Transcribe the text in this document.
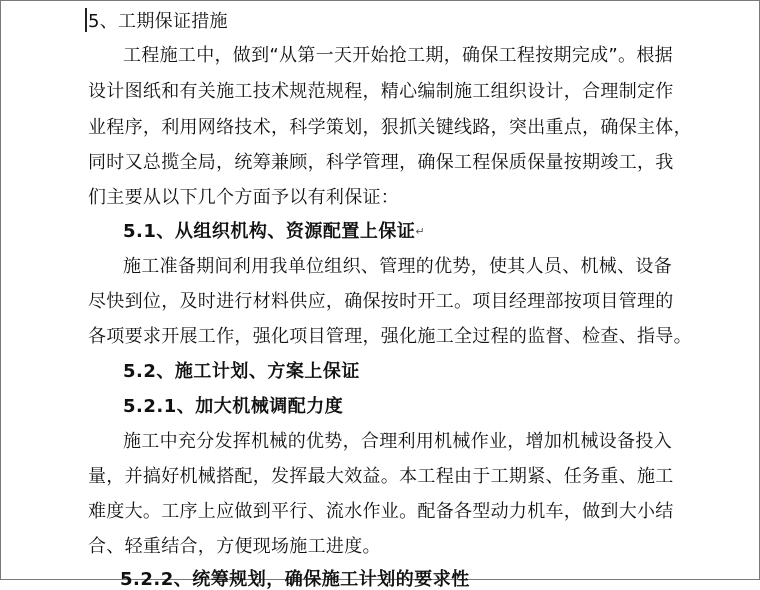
5、工期保证措施
工程施工中，做到“从第一天开始抢工期，确保工程按期完成”。根据
设计图纸和有关施工技术规范规程，精心编制施工组织设计，合理制定作
业程序，利用网络技术，科学策划，狠抓关键线路，突出重点，确保主体，
同时又总揽全局，统筹兼顾，科学管理，确保工程保质保量按期竣工，我
们主要从以下几个方面予以有利保证：
5.1、从组织机构、资源配置上保证↵
施工准备期间利用我单位组织、管理的优势，使其人员、机械、设备
尽快到位，及时进行材料供应，确保按时开工。项目经理部按项目管理的
各项要求开展工作，强化项目管理，强化施工全过程的监督、检查、指导。
5.2、施工计划、方案上保证
5.2.1、加大机械调配力度
施工中充分发挥机械的优势，合理利用机械作业，增加机械设备投入
量，并搞好机械搭配，发挥最大效益。本工程由于工期紧、任务重、施工
难度大。工序上应做到平行、流水作业。配备各型动力机车，做到大小结
合、轻重结合，方便现场施工进度。
5.2.2、统筹规划，确保施工计划的要求性
